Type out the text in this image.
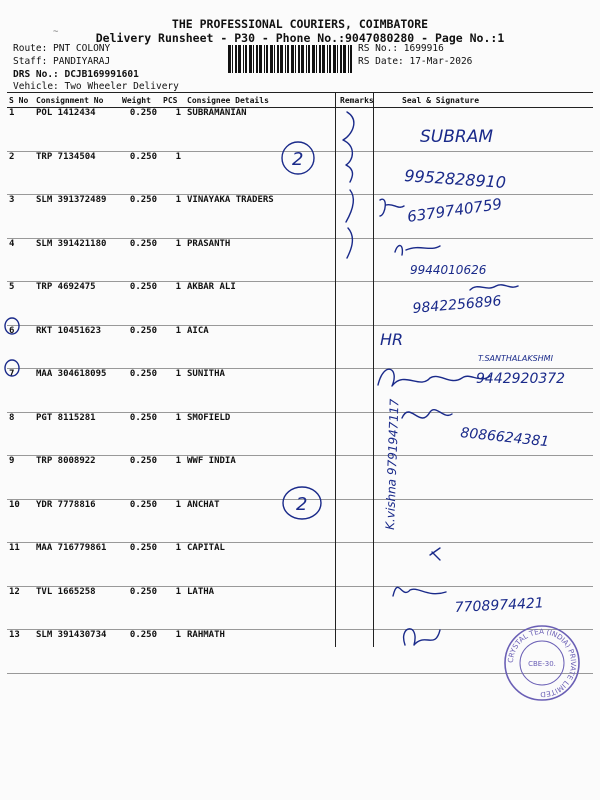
~
THE PROFESSIONAL COURIERS, COIMBATORE
Delivery Runsheet - P30 - Phone No.:9047080280 - Page No.:1
Route: PNT COLONY
Staff: PANDIYARAJ
DRS No.: DCJB169991601
Vehicle: Two Wheeler Delivery
RS No.: 1699916
RS Date: 17-Mar-2026
S No	Consignment No	Weight	PCS	Consignee Details	Remarks	Seal & Signature
1	POL 1412434	0.250	1	SUBRAMANIAN		
2	TRP 7134504	0.250	1			
3	SLM 391372489	0.250	1	VINAYAKA TRADERS		
4	SLM 391421180	0.250	1	PRASANTH		
5	TRP 4692475	0.250	1	AKBAR ALI		
6	RKT 10451623	0.250	1	AICA		
7	MAA 304618095	0.250	1	SUNITHA		
8	PGT 8115281	0.250	1	SMOFIELD		
9	TRP 8008922	0.250	1	WWF INDIA		
10	YDR 7778816	0.250	1	ANCHAT		
11	MAA 716779861	0.250	1	CAPITAL		
12	TVL 1665258	0.250	1	LATHA		
13	SLM 391430734	0.250	1	RAHMATH		
2
2
SUBRAM
9952828910
6379740759
9944010626
9842256896
HR
T.SANTHALAKSHMI
9442920372
8086624381
K.vishna 9791947117
7708974421
CRYSTAL TEA (INDIA) PRIVATE LIMITED
CBE-30.
